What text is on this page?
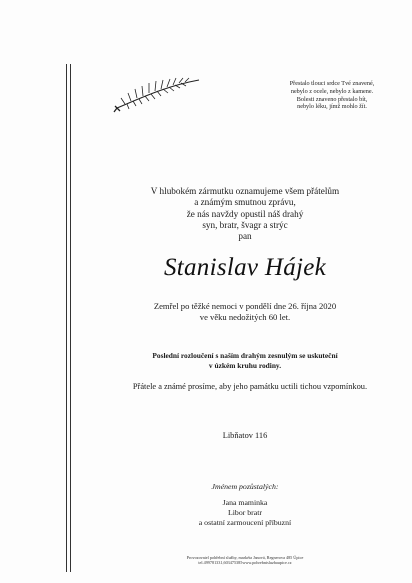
Přestalo tlouci srdce Tvé znavené,
nebylo z ocele, nebylo z kamene.
Bolesti znaveno přestalo bít,
nebylo léku, jímž mohlo žít.
V hlubokém zármutku oznamujeme všem přátelům
a známým smutnou zprávu,
že nás navždy opustil náš drahý
syn, bratr, švagr a strýc
pan
Stanislav Hájek
Zemřel po těžké nemoci v pondělí dne 26. října 2020
ve věku nedožitých 60 let.
Poslední rozloučení s naším drahým zesnulým se uskuteční
v úzkém kruhu rodiny.
Přátele a známé prosíme, aby jeho památku uctili tichou vzpomínkou.
Libňatov 116
Jménem pozůstalých:
Jana maminka
Libor bratr
a ostatní zarmoucení příbuzní
Provozovatel pohřební služby, markéta Janová, Regnerova 485 Úpice
tel.499781331,603475385www.pohrebnisluzbaupice.cz
